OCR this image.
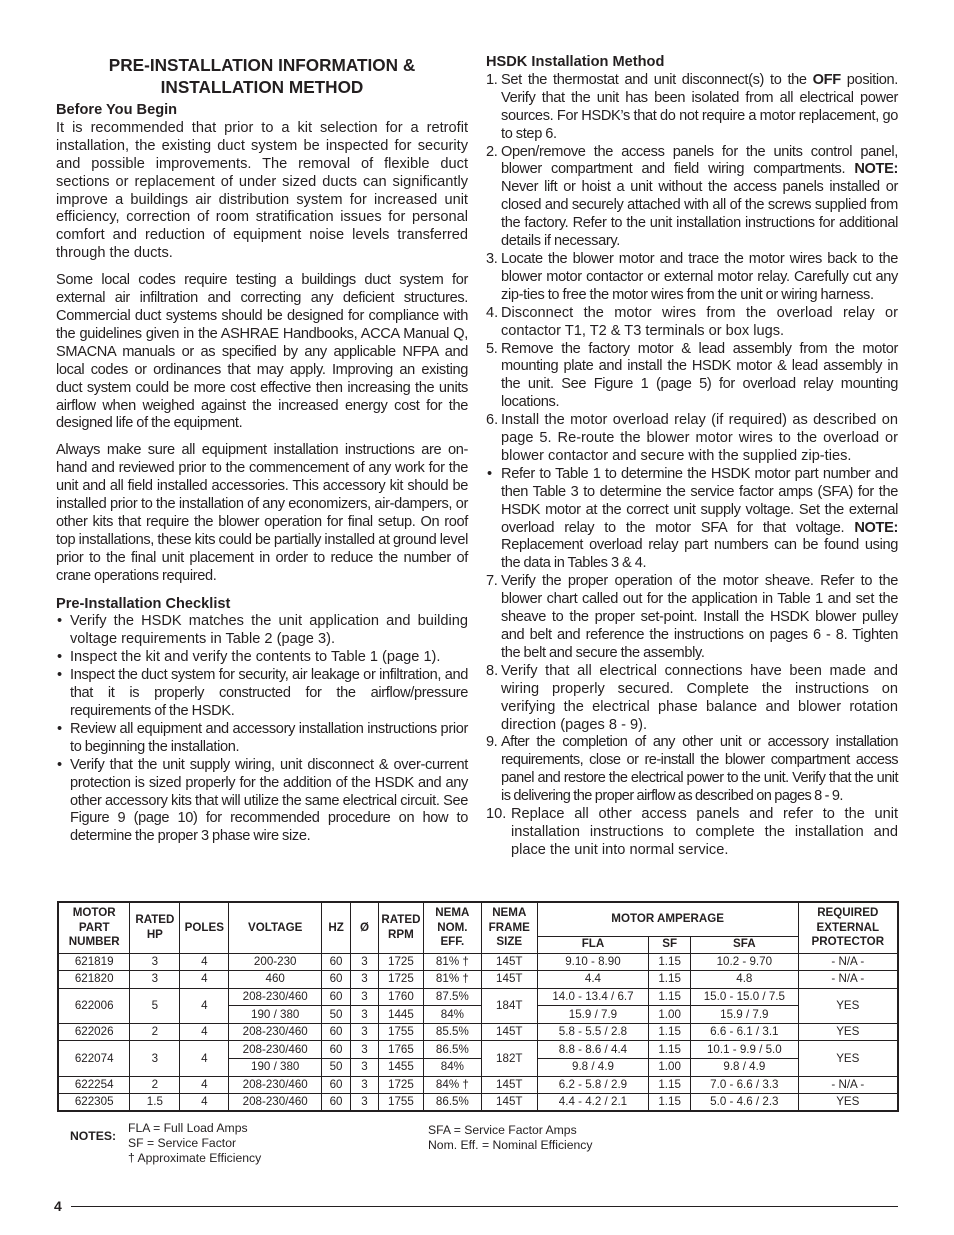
PRE-INSTALLATION INFORMATION &
INSTALLATION METHOD
Before You Begin

It is recommended that prior to a kit selection for a retrofit installation, the existing duct system be inspected for security and possible improvements. The removal of flexible duct sections or replacement of under sized ducts can significantly improve a buildings air distribution system for increased unit efficiency, correction of room stratification issues for personal comfort and reduction of equipment noise levels transferred through the ducts.

Some local codes require testing a buildings duct system for external air infiltration and correcting any deficient structures. Commercial duct systems should be designed for compliance with the guidelines given in the ASHRAE Handbooks, ACCA Manual Q, SMACNA manuals or as specified by any applicable NFPA and local codes or ordinances that may apply. Improving an existing duct system could be more cost effective then increasing the units airflow when weighed against the increased energy cost for the designed life of the equipment.

Always make sure all equipment installation instructions are on-hand and reviewed prior to the commencement of any work for the unit and all field installed accessories. This accessory kit should be installed prior to the installation of any economizers, air-dampers, or other kits that require the blower operation for final setup. On roof top installations, these kits could be partially installed at ground level prior to the final unit placement in order to reduce the number of crane operations required.

Pre-Installation Checklist
• Verify the HSDK matches the unit application and building voltage requirements in Table 2 (page 3).
• Inspect the kit and verify the contents to Table 1 (page 1).
• Inspect the duct system for security, air leakage or infiltration, and that it is properly constructed for the airflow/pressure requirements of the HSDK.
• Review all equipment and accessory installation instructions prior to beginning the installation.
• Verify that the unit supply wiring, unit disconnect & over-current protection is sized properly for the addition of the HSDK and any other accessory kits that will utilize the same electrical circuit. See Figure 9 (page 10) for recommended procedure on how to determine the proper 3 phase wire size.
HSDK Installation Method
1. Set the thermostat and unit disconnect(s) to the OFF position. Verify that the unit has been isolated from all electrical power sources. For HSDK’s that do not require a motor replacement, go to step 6.
2. Open/remove the access panels for the units control panel, blower compartment and field wiring compartments. NOTE: Never lift or hoist a unit without the access panels installed or closed and securely attached with all of the screws supplied from the factory. Refer to the unit installation instructions for additional details if necessary.
3. Locate the blower motor and trace the motor wires back to the blower motor contactor or external motor relay. Carefully cut any zip-ties to free the motor wires from the unit or wiring harness.
4. Disconnect the motor wires from the overload relay or contactor T1, T2 & T3 terminals or box lugs.
5. Remove the factory motor & lead assembly from the motor mounting plate and install the HSDK motor & lead assembly in the unit. See Figure 1 (page 5) for overload relay mounting locations.
6. Install the motor overload relay (if required) as described on page 5. Re-route the blower motor wires to the overload or blower contactor and secure with the supplied zip-ties.
• Refer to Table 1 to determine the HSDK motor part number and then Table 3 to determine the service factor amps (SFA) for the HSDK motor at the correct unit supply voltage. Set the external overload relay to the motor SFA for that voltage. NOTE: Replacement overload relay part numbers can be found using the data in Tables 3 & 4.
7. Verify the proper operation of the motor sheave. Refer to the blower chart called out for the application in Table 1 and set the sheave to the proper set-point. Install the HSDK blower pulley and belt and reference the instructions on pages 6 - 8. Tighten the belt and secure the assembly.
8. Verify that all electrical connections have been made and wiring properly secured. Complete the instructions on verifying the electrical phase balance and blower rotation direction (pages 8 - 9).
9. After the completion of any other unit or accessory installation requirements, close or re-install the blower compartment access panel and restore the electrical power to the unit. Verify that the unit is delivering the proper airflow as described on pages 8 - 9.
10. Replace all other access panels and refer to the unit installation instructions to complete the installation and place the unit into normal service.
MOTOR
PART
NUMBER	RATED
HP	POLES	VOLTAGE	HZ	Ø	RATED
RPM	NEMA
NOM.
EFF.	NEMA
FRAME
SIZE	MOTOR AMPERAGE			REQUIRED
EXTERNAL
PROTECTOR
									FLA	SF	SFA	
621819	3	4	200-230	60	3	1725	81% †	145T	9.10 - 8.90	1.15	10.2 - 9.70	- N/A -
621820	3	4	460	60	3	1725	81% †	145T	4.4	1.15	4.8	- N/A -
622006	5	4	208-230/460	60	3	1760	87.5%	184T	14.0 - 13.4 / 6.7	1.15	15.0 - 15.0 / 7.5	YES
			190 / 380	50	3	1445	84%		15.9 / 7.9	1.00	15.9 / 7.9	
622026	2	4	208-230/460	60	3	1755	85.5%	145T	5.8 - 5.5 / 2.8	1.15	6.6 - 6.1 / 3.1	YES
622074	3	4	208-230/460	60	3	1765	86.5%	182T	8.8 - 8.6 / 4.4	1.15	10.1 - 9.9 / 5.0	YES
			190 / 380	50	3	1455	84%		9.8 / 4.9	1.00	9.8 / 4.9	
622254	2	4	208-230/460	60	3	1725	84% †	145T	6.2 - 5.8 / 2.9	1.15	7.0 - 6.6 / 3.3	- N/A -
622305	1.5	4	208-230/460	60	3	1755	86.5%	145T	4.4 - 4.2 / 2.1	1.15	5.0 - 4.6 / 2.3	YES
NOTES:
FLA = Full Load Amps
SF = Service Factor
† Approximate Efficiency
SFA = Service Factor Amps
Nom. Eff. = Nominal Efficiency
4
